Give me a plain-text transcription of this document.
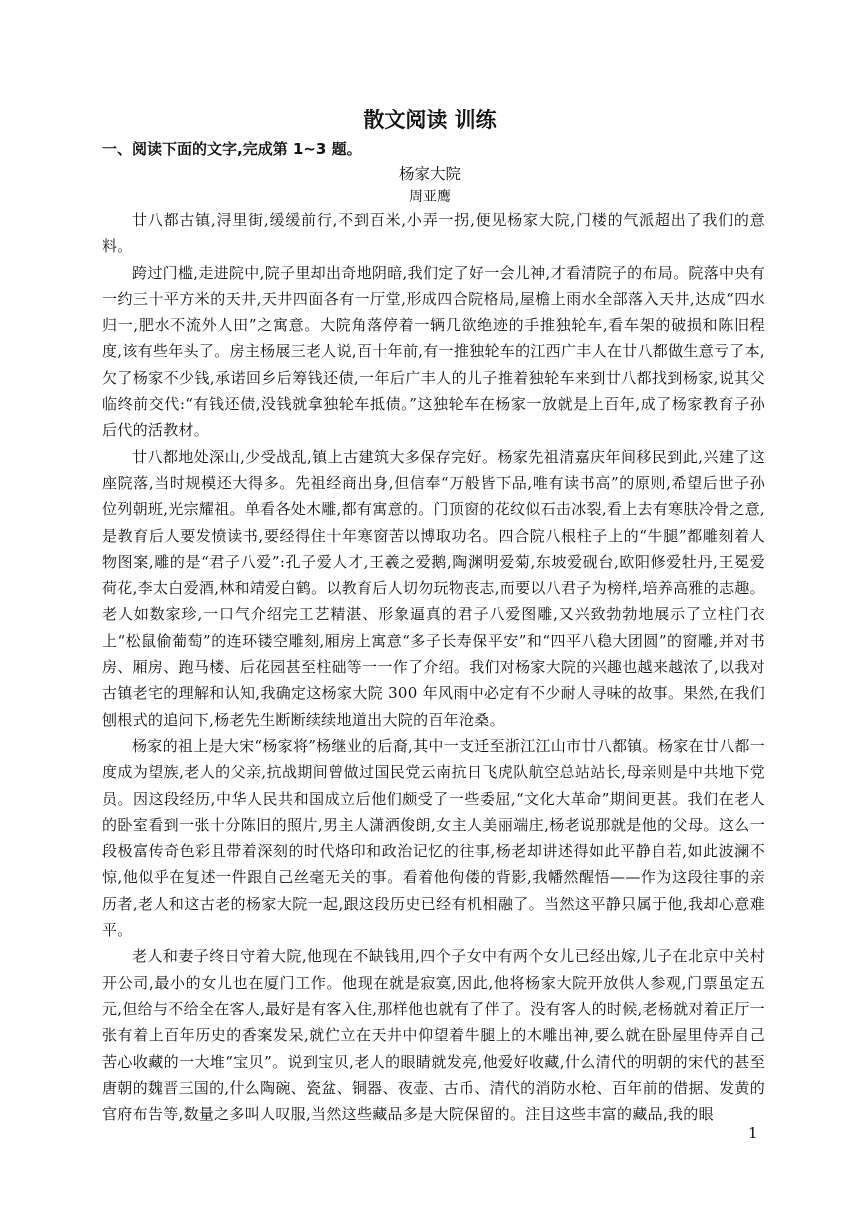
散文阅读 训练
一、阅读下面的文字,完成第 1~3 题。
杨家大院
周亚鹰

廿八都古镇,浔里街,缓缓前行,不到百米,小弄一拐,便见杨家大院,门楼的气派超出了我们的意料。

跨过门槛,走进院中,院子里却出奇地阴暗,我们定了好一会儿神,才看清院子的布局。院落中央有一约三十平方米的天井,天井四面各有一厅堂,形成四合院格局,屋檐上雨水全部落入天井,达成“四水归一,肥水不流外人田”之寓意。大院角落停着一辆几欲绝迹的手推独轮车,看车架的破损和陈旧程度,该有些年头了。房主杨展三老人说,百十年前,有一推独轮车的江西广丰人在廿八都做生意亏了本,欠了杨家不少钱,承诺回乡后筹钱还债,一年后广丰人的儿子推着独轮车来到廿八都找到杨家,说其父临终前交代:“有钱还债,没钱就拿独轮车抵债。”这独轮车在杨家一放就是上百年,成了杨家教育子孙后代的活教材。

廿八都地处深山,少受战乱,镇上古建筑大多保存完好。杨家先祖清嘉庆年间移民到此,兴建了这座院落,当时规模还大得多。先祖经商出身,但信奉“万般皆下品,唯有读书高”的原则,希望后世子孙位列朝班,光宗耀祖。单看各处木雕,都有寓意的。门顶窗的花纹似石击冰裂,看上去有寒肤冷骨之意,是教育后人要发愤读书,要经得住十年寒窗苦以博取功名。四合院八根柱子上的“牛腿”都雕刻着人物图案,雕的是“君子八爱”:孔子爱人才,王羲之爱鹅,陶渊明爱菊,东坡爱砚台,欧阳修爱牡丹,王冕爱荷花,李太白爱酒,林和靖爱白鹤。以教育后人切勿玩物丧志,而要以八君子为榜样,培养高雅的志趣。老人如数家珍,一口气介绍完工艺精湛、形象逼真的君子八爱图雕,又兴致勃勃地展示了立柱门衣上“松鼠偷葡萄”的连环镂空雕刻,厢房上寓意“多子长寿保平安”和“四平八稳大团圆”的窗雕,并对书房、厢房、跑马楼、后花园甚至柱础等一一作了介绍。我们对杨家大院的兴趣也越来越浓了,以我对古镇老宅的理解和认知,我确定这杨家大院 300 年风雨中必定有不少耐人寻味的故事。果然,在我们刨根式的追问下,杨老先生断断续续地道出大院的百年沧桑。

杨家的祖上是大宋“杨家将”杨继业的后裔,其中一支迁至浙江江山市廿八都镇。杨家在廿八都一度成为望族,老人的父亲,抗战期间曾做过国民党云南抗日飞虎队航空总站站长,母亲则是中共地下党员。因这段经历,中华人民共和国成立后他们颇受了一些委屈,“文化大革命”期间更甚。我们在老人的卧室看到一张十分陈旧的照片,男主人潇洒俊朗,女主人美丽端庄,杨老说那就是他的父母。这么一段极富传奇色彩且带着深刻的时代烙印和政治记忆的往事,杨老却讲述得如此平静自若,如此波澜不惊,他似乎在复述一件跟自己丝毫无关的事。看着他佝偻的背影,我幡然醒悟——作为这段往事的亲历者,老人和这古老的杨家大院一起,跟这段历史已经有机相融了。当然这平静只属于他,我却心意难平。

老人和妻子终日守着大院,他现在不缺钱用,四个子女中有两个女儿已经出嫁,儿子在北京中关村开公司,最小的女儿也在厦门工作。他现在就是寂寞,因此,他将杨家大院开放供人参观,门票虽定五元,但给与不给全在客人,最好是有客入住,那样他也就有了伴了。没有客人的时候,老杨就对着正厅一张有着上百年历史的香案发呆,就伫立在天井中仰望着牛腿上的木雕出神,要么就在卧屋里侍弄自己苦心收藏的一大堆“宝贝”。说到宝贝,老人的眼睛就发亮,他爱好收藏,什么清代的明朝的宋代的甚至唐朝的魏晋三国的,什么陶碗、瓷盆、铜器、夜壶、古币、清代的消防水枪、百年前的借据、发黄的官府布告等,数量之多叫人叹服,当然这些藏品多是大院保留的。注目这些丰富的藏品,我的眼

1
